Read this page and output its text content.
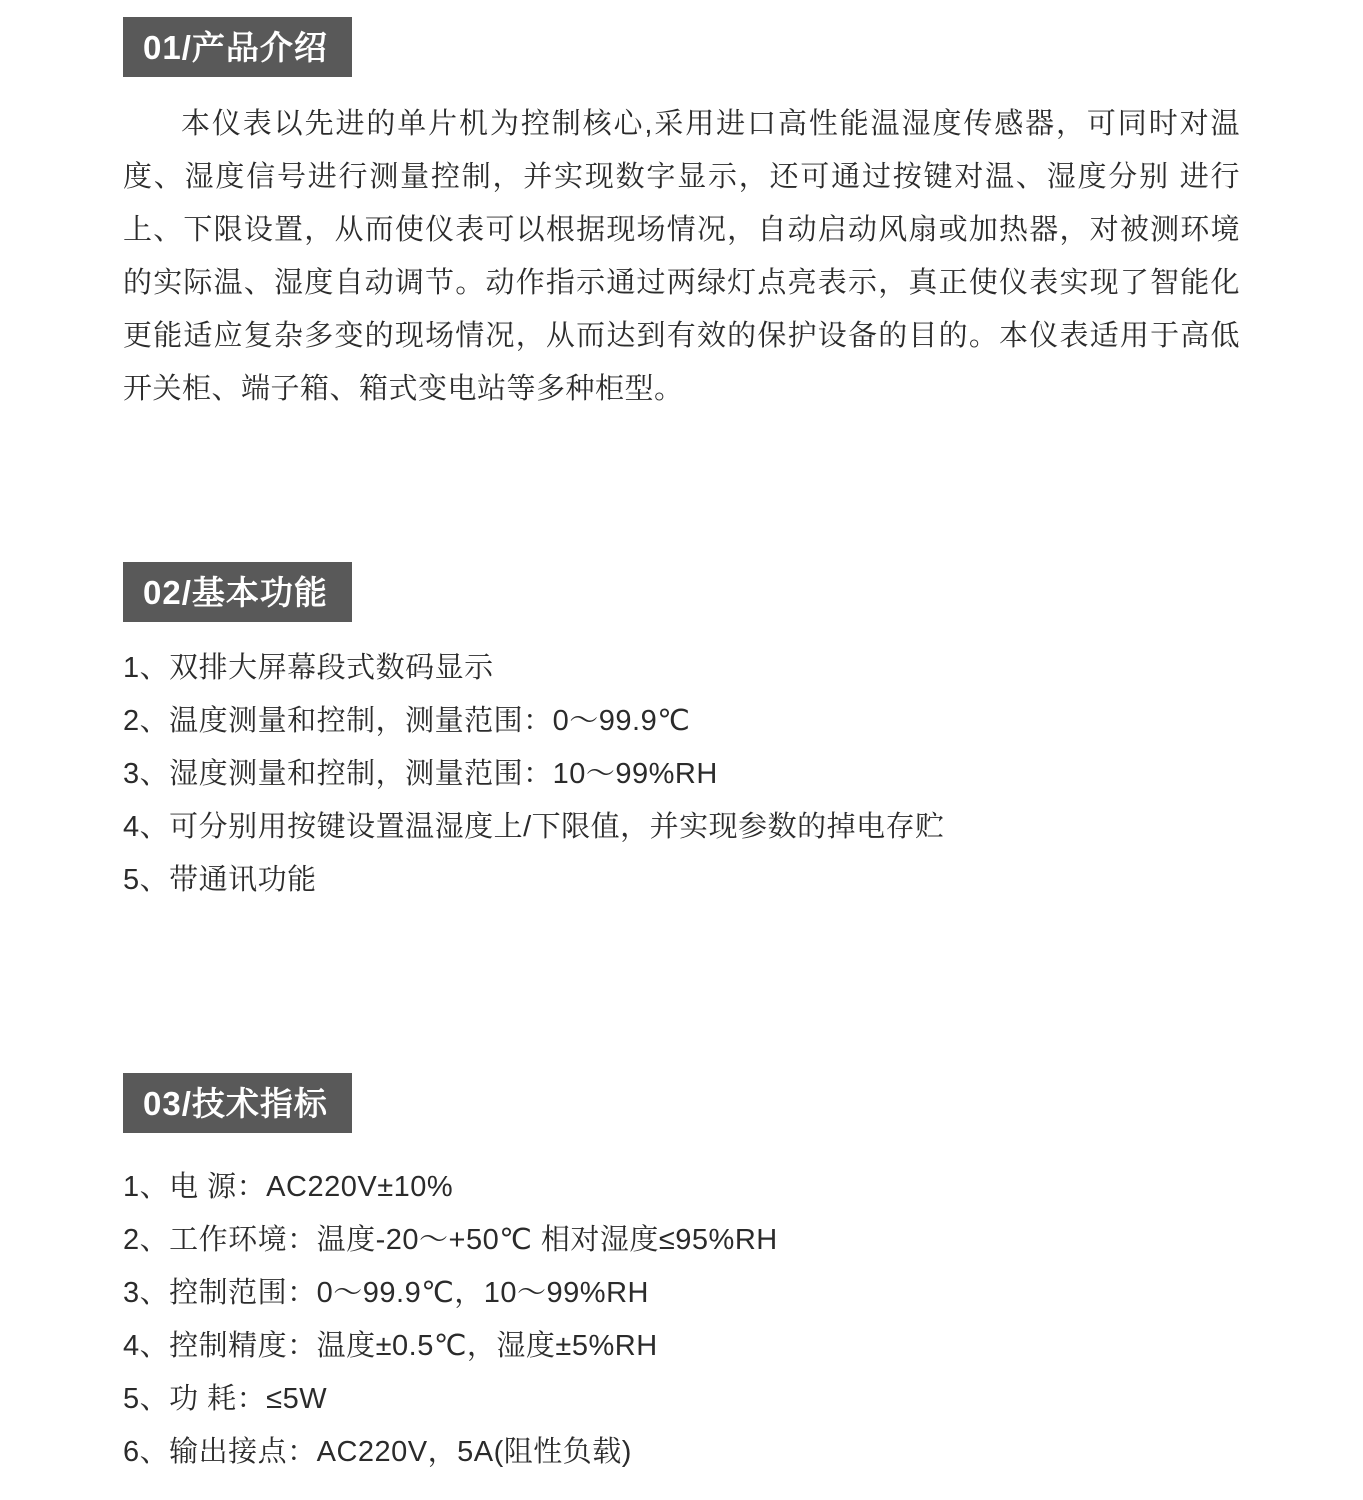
01/产品介绍

本仪表以先进的单片机为控制核心,采用进口高性能温湿度传感器，可同时对温度、湿度信号进行测量控制，并实现数字显示，还可通过按键对温、湿度分别 进行上、下限设置，从而使仪表可以根据现场情况，自动启动风扇或加热器，对被测环境的实际温、湿度自动调节。动作指示通过两绿灯点亮表示，真正使仪表实现了智能化更能适应复杂多变的现场情况，从而达到有效的保护设备的目的。本仪表适用于高低开关柜、端子箱、箱式变电站等多种柜型。

02/基本功能
1、双排大屏幕段式数码显示
2、温度测量和控制，测量范围：0～99.9℃
3、湿度测量和控制，测量范围：10～99%RH
4、可分别用按键设置温湿度上/下限值，并实现参数的掉电存贮
5、带通讯功能
03/技术指标
1、电 源：AC220V±10%
2、工作环境：温度-20～+50℃ 相对湿度≤95%RH
3、控制范围：0～99.9℃，10～99%RH
4、控制精度：温度±0.5℃，湿度±5%RH
5、功 耗：≤5W
6、输出接点：AC220V，5A(阻性负载)
